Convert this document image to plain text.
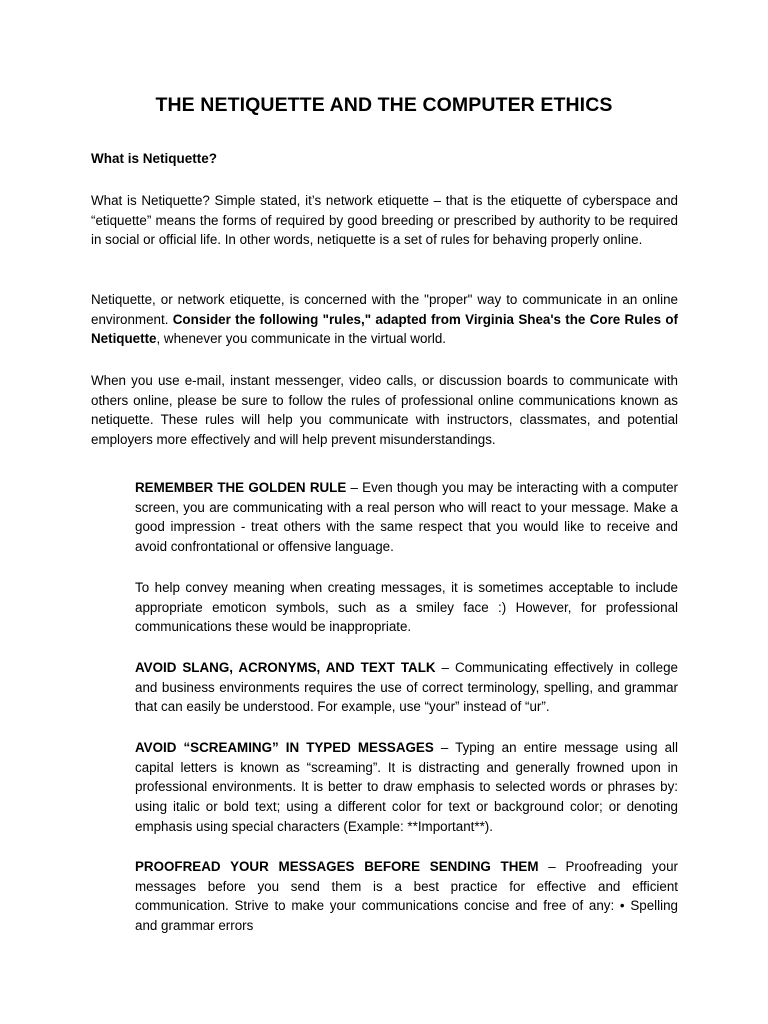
THE NETIQUETTE AND THE COMPUTER ETHICS
What is Netiquette?

What is Netiquette? Simple stated, it’s network etiquette – that is the etiquette of cyberspace and “etiquette” means the forms of required by good breeding or prescribed by authority to be required in social or official life. In other words, netiquette is a set of rules for behaving properly online.

Netiquette, or network etiquette, is concerned with the "proper" way to communicate in an online environment. Consider the following "rules," adapted from Virginia Shea's the Core Rules of Netiquette, whenever you communicate in the virtual world.

When you use e-mail, instant messenger, video calls, or discussion boards to communicate with others online, please be sure to follow the rules of professional online communications known as netiquette. These rules will help you communicate with instructors, classmates, and potential employers more effectively and will help prevent misunderstandings.

REMEMBER THE GOLDEN RULE – Even though you may be interacting with a computer screen, you are communicating with a real person who will react to your message. Make a good impression - treat others with the same respect that you would like to receive and avoid confrontational or offensive language.

To help convey meaning when creating messages, it is sometimes acceptable to include appropriate emoticon symbols, such as a smiley face :) However, for professional communications these would be inappropriate.

AVOID SLANG, ACRONYMS, AND TEXT TALK – Communicating effectively in college and business environments requires the use of correct terminology, spelling, and grammar that can easily be understood. For example, use “your” instead of “ur”.

AVOID “SCREAMING” IN TYPED MESSAGES – Typing an entire message using all capital letters is known as “screaming”. It is distracting and generally frowned upon in professional environments. It is better to draw emphasis to selected words or phrases by: using italic or bold text; using a different color for text or background color; or denoting emphasis using special characters (Example: **Important**).

PROOFREAD YOUR MESSAGES BEFORE SENDING THEM – Proofreading your messages before you send them is a best practice for effective and efficient communication. Strive to make your communications concise and free of any: • Spelling and grammar errors
